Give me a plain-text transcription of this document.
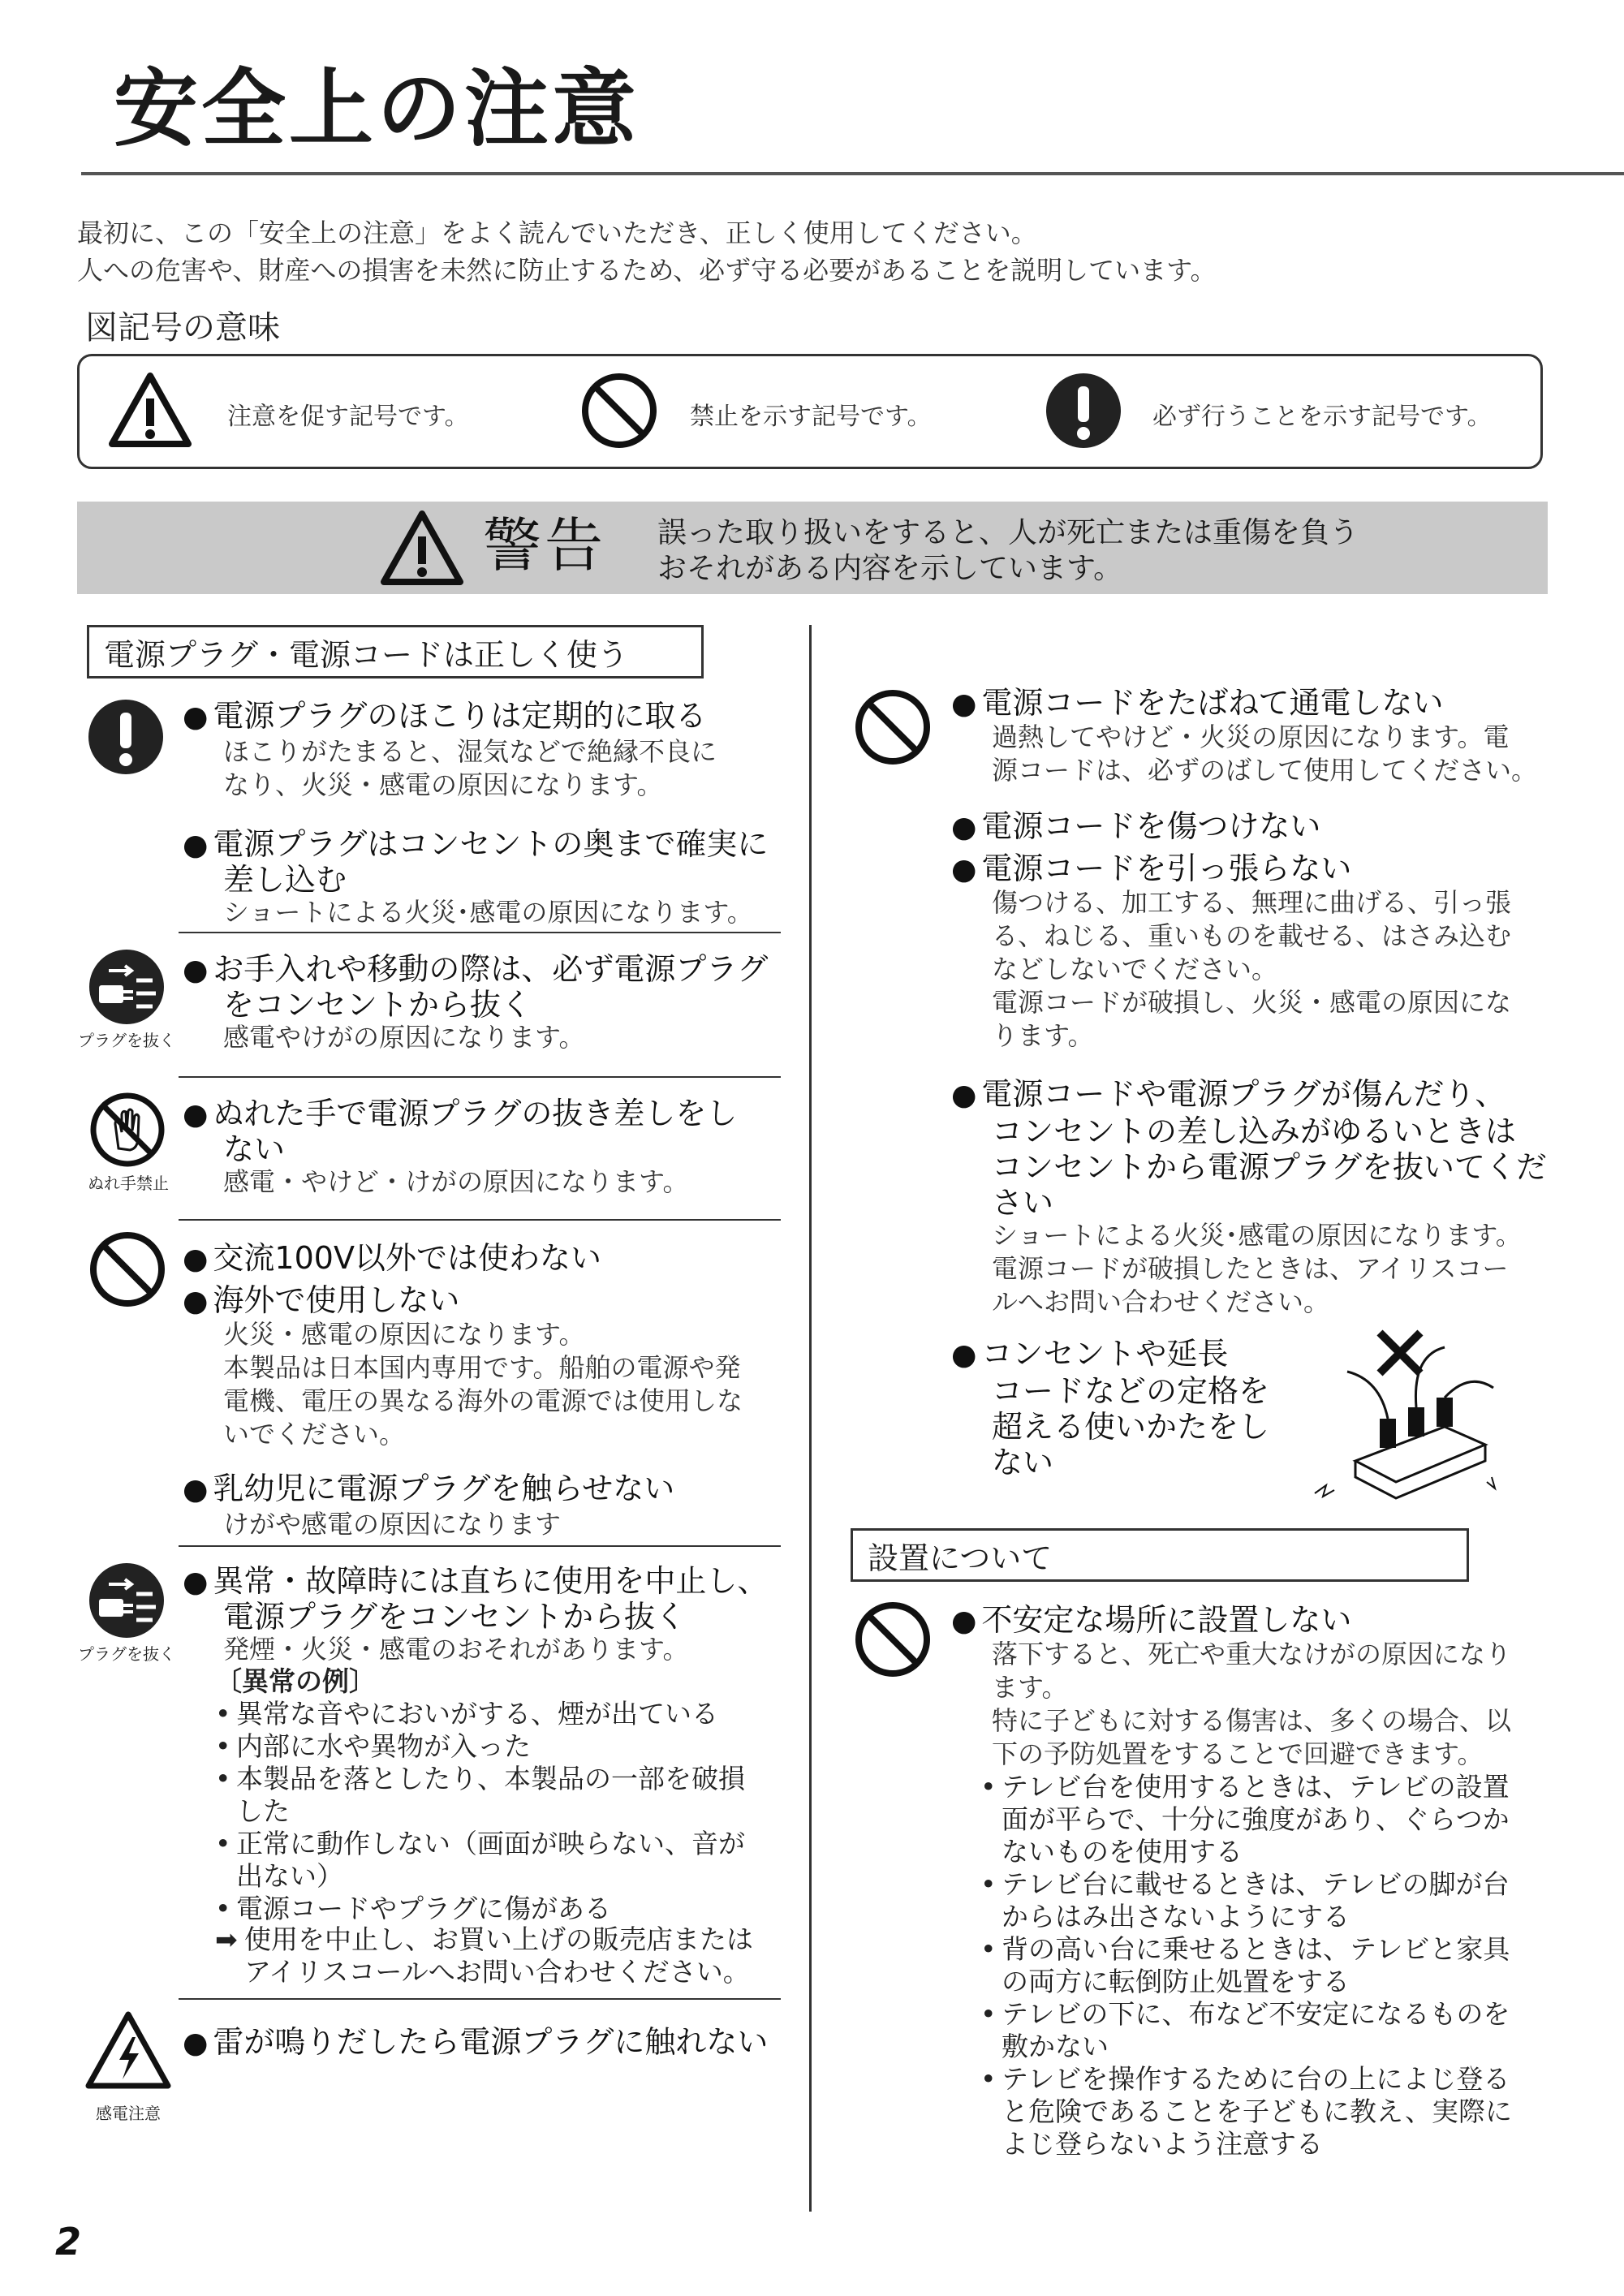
安全上の注意
最初に、この「安全上の注意」をよく読んでいただき、正しく使用してください。
人への危害や、財産への損害を未然に防止するため、必ず守る必要があることを説明しています。
図記号の意味
注意を促す記号です。	禁止を示す記号です。	必ず行うことを示す記号です。
警告 誤った取り扱いをすると、人が死亡または重傷を負う
おそれがある内容を示しています。
電源プラグ・電源コードは正しく使う
● 電源プラグのほこりは定期的に取る
ほこりがたまると、湿気などで絶縁不良に
なり、火災・感電の原因になります。
● 電源プラグはコンセントの奥まで確実に
差し込む
ショートによる火災･感電の原因になります。
プラグを抜く
● お手入れや移動の際は、必ず電源プラグ
をコンセントから抜く
感電やけがの原因になります。
ぬれ手禁止
● ぬれた手で電源プラグの抜き差しをし
ない
感電・やけど・けがの原因になります。
● 交流100V以外では使わない
● 海外で使用しない
火災・感電の原因になります。
本製品は日本国内専用です。船舶の電源や発
電機、電圧の異なる海外の電源では使用しな
いでください。
● 乳幼児に電源プラグを触らせない
けがや感電の原因になります
プラグを抜く
● 異常・故障時には直ちに使用を中止し、
電源プラグをコンセントから抜く
発煙・火災・感電のおそれがあります。
〔異常の例〕
• 異常な音やにおいがする、煙が出ている
• 内部に水や異物が入った
• 本製品を落としたり、本製品の一部を破損
した
• 正常に動作しない（画面が映らない、音が
出ない）
• 電源コードやプラグに傷がある
➡ 使用を中止し、お買い上げの販売店または
アイリスコールへお問い合わせください。
感電注意
● 雷が鳴りだしたら電源プラグに触れない
● 電源コードをたばねて通電しない
過熱してやけど・火災の原因になります。電
源コードは、必ずのばして使用してください。
● 電源コードを傷つけない
● 電源コードを引っ張らない
傷つける、加工する、無理に曲げる、引っ張
る、ねじる、重いものを載せる、はさみ込む
などしないでください。
電源コードが破損し、火災・感電の原因にな
ります。
● 電源コードや電源プラグが傷んだり、
コンセントの差し込みがゆるいときは
コンセントから電源プラグを抜いてくだ
さい
ショートによる火災･感電の原因になります。
電源コードが破損したときは、アイリスコー
ルへお問い合わせください。
● コンセントや延長
コードなどの定格を
超える使いかたをし
ない
設置について
● 不安定な場所に設置しない
落下すると、死亡や重大なけがの原因になり
ます。
特に子どもに対する傷害は、多くの場合、以
下の予防処置をすることで回避できます。
• テレビ台を使用するときは、テレビの設置
面が平らで、十分に強度があり、ぐらつか
ないものを使用する
• テレビ台に載せるときは、テレビの脚が台
からはみ出さないようにする
• 背の高い台に乗せるときは、テレビと家具
の両方に転倒防止処置をする
• テレビの下に、布など不安定になるものを
敷かない
• テレビを操作するために台の上によじ登る
と危険であることを子どもに教え、実際に
よじ登らないよう注意する
2
